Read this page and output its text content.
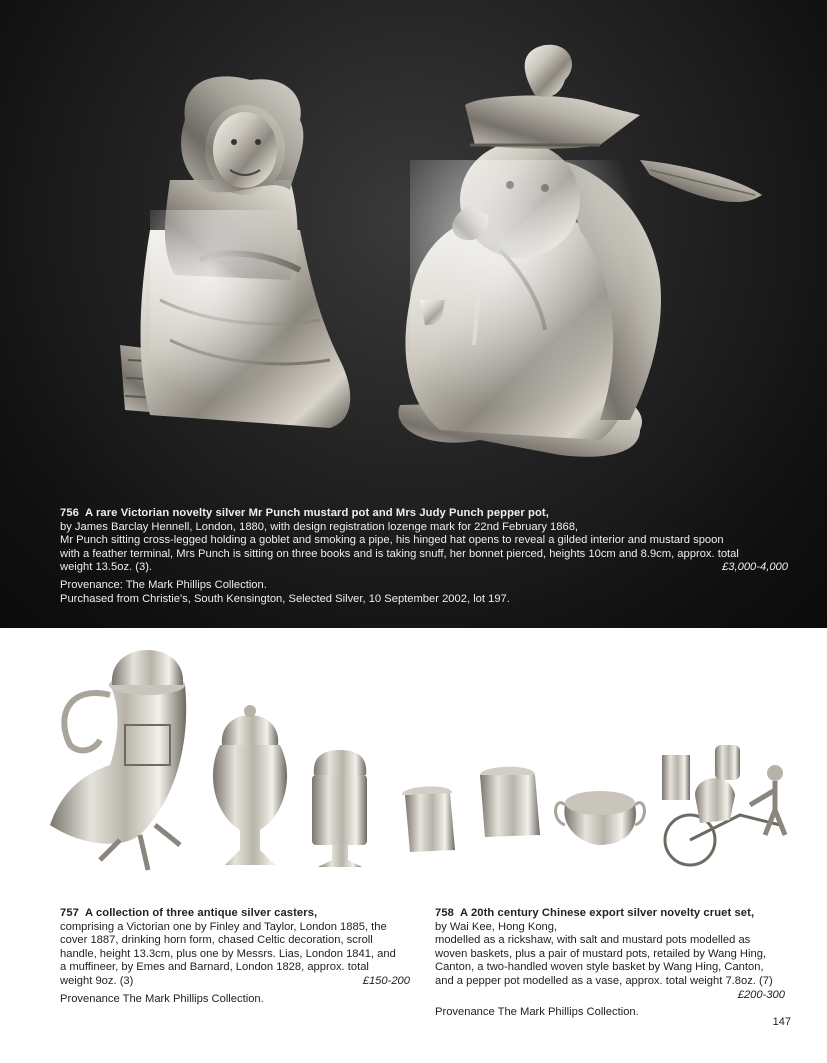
756 A rare Victorian novelty silver Mr Punch mustard pot and Mrs Judy Punch pepper pot,

by James Barclay Hennell, London, 1880, with design registration lozenge mark for 22nd February 1868,

Mr Punch sitting cross-legged holding a goblet and smoking a pipe, his hinged hat opens to reveal a gilded interior and mustard spoon

with a feather terminal, Mrs Punch is sitting on three books and is taking snuff, her bonnet pierced, heights 10cm and 8.9cm, approx. total

weight 13.5oz. (3).	£3,000-4,000

Provenance: The Mark Phillips Collection.

Purchased from Christie's, South Kensington, Selected Silver, 10 September 2002, lot 197.

757 A collection of three antique silver casters,

comprising a Victorian one by Finley and Taylor, London 1885, the

cover 1887, drinking horn form, chased Celtic decoration, scroll

handle, height 13.3cm, plus one by Messrs. Lias, London 1841, and

a muffineer, by Emes and Barnard, London 1828, approx. total

weight 9oz. (3)	£150-200

Provenance The Mark Phillips Collection.

758 A 20th century Chinese export silver novelty cruet set,

by Wai Kee, Hong Kong,

modelled as a rickshaw, with salt and mustard pots modelled as

woven baskets, plus a pair of mustard pots, retailed by Wang Hing,

Canton, a two-handled woven style basket by Wang Hing, Canton,

and a pepper pot modelled as a vase, approx. total weight 7.8oz. (7)

£200-300

Provenance The Mark Phillips Collection.

147
